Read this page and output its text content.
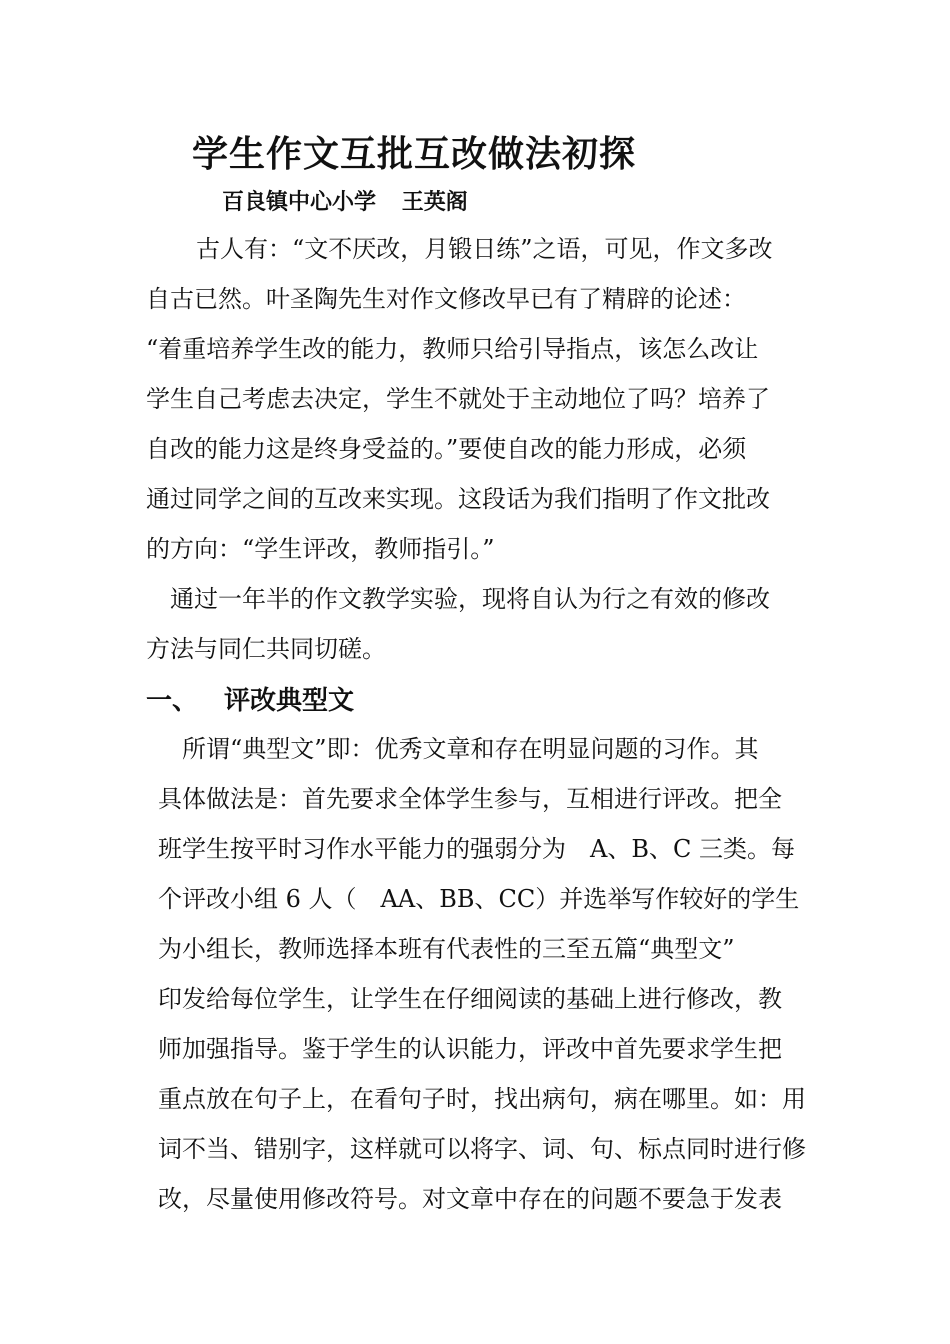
学生作文互批互改做法初探
百良镇中心小学 王英阁
古人有：“文不厌改，月锻日练”之语，可见，作文多改
自古已然。叶圣陶先生对作文修改早已有了精辟的论述：
“着重培养学生改的能力，教师只给引导指点，该怎么改让
学生自己考虑去决定，学生不就处于主动地位了吗？培养了
自改的能力这是终身受益的。”要使自改的能力形成，必须
通过同学之间的互改来实现。这段话为我们指明了作文批改
的方向：“学生评改，教师指引。”
通过一年半的作文教学实验，现将自认为行之有效的修改
方法与同仁共同切磋。
一、 评改典型文
所谓“典型文”即：优秀文章和存在明显问题的习作。其
具体做法是：首先要求全体学生参与，互相进行评改。把全
班学生按平时习作水平能力的强弱分为　A、B、C 三类。每
个评改小组 6 人（　AA、BB、CC）并选举写作较好的学生
为小组长，教师选择本班有代表性的三至五篇“典型文”
印发给每位学生，让学生在仔细阅读的基础上进行修改，教
师加强指导。鉴于学生的认识能力，评改中首先要求学生把
重点放在句子上，在看句子时，找出病句，病在哪里。如：用
词不当、错别字，这样就可以将字、词、句、标点同时进行修
改，尽量使用修改符号。对文章中存在的问题不要急于发表
